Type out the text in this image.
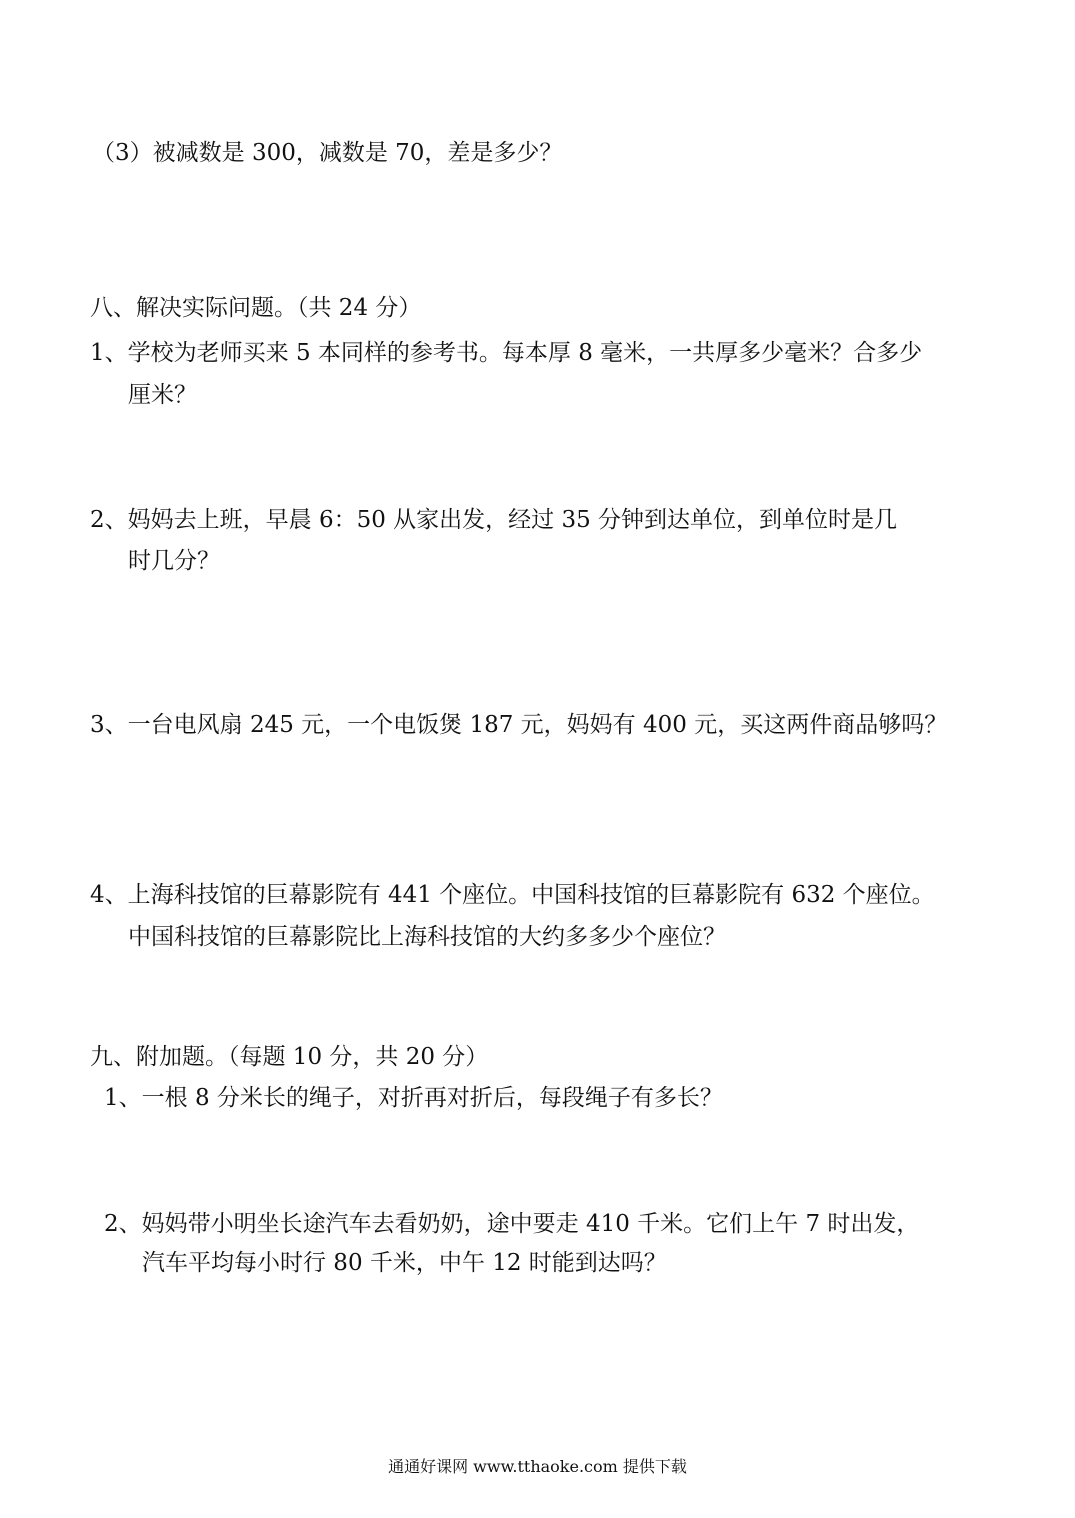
（3）被减数是 300，减数是 70，差是多少？

八、解决实际问题。（共 24 分）

1、学校为老师买来 5 本同样的参考书。每本厚 8 毫米，一共厚多少毫米？合多少

厘米？

2、妈妈去上班，早晨 6：50 从家出发，经过 35 分钟到达单位，到单位时是几

时几分？

3、一台电风扇 245 元，一个电饭煲 187 元，妈妈有 400 元，买这两件商品够吗？

4、上海科技馆的巨幕影院有 441 个座位。中国科技馆的巨幕影院有 632 个座位。

中国科技馆的巨幕影院比上海科技馆的大约多多少个座位？

九、附加题。（每题 10 分，共 20 分）

1、一根 8 分米长的绳子，对折再对折后，每段绳子有多长？

2、妈妈带小明坐长途汽车去看奶奶，途中要走 410 千米。它们上午 7 时出发，

汽车平均每小时行 80 千米，中午 12 时能到达吗？

通通好课网 www.tthaoke.com 提供下载
